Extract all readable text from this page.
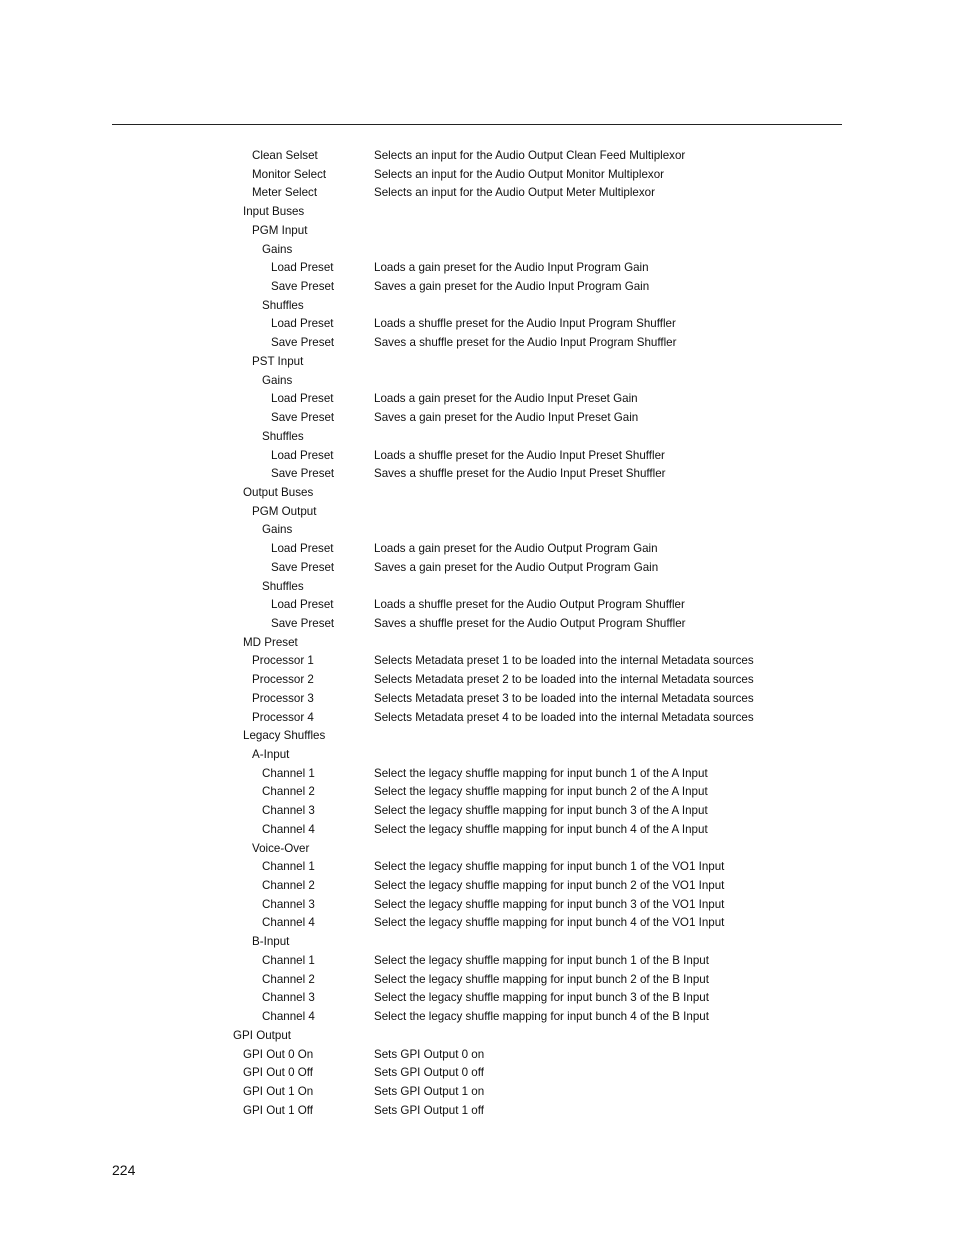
Clean Selset	Selects an input for the Audio Output Clean Feed Multiplexor
Monitor Select	Selects an input for the Audio Output Monitor Multiplexor
Meter Select	Selects an input for the Audio Output Meter Multiplexor
Input Buses
PGM Input
Gains
Load Preset	Loads a gain preset for the Audio Input Program Gain
Save Preset	Saves a gain preset for the Audio Input Program Gain
Shuffles
Load Preset	Loads a shuffle preset for the Audio Input Program Shuffler
Save Preset	Saves a shuffle preset for the Audio Input Program Shuffler
PST Input
Gains
Load Preset	Loads a gain preset for the Audio Input Preset Gain
Save Preset	Saves a gain preset for the Audio Input Preset Gain
Shuffles
Load Preset	Loads a shuffle preset for the Audio Input Preset Shuffler
Save Preset	Saves a shuffle preset for the Audio Input Preset Shuffler
Output Buses
PGM Output
Gains
Load Preset	Loads a gain preset for the Audio Output Program Gain
Save Preset	Saves a gain preset for the Audio Output Program Gain
Shuffles
Load Preset	Loads a shuffle preset for the Audio Output Program Shuffler
Save Preset	Saves a shuffle preset for the Audio Output Program Shuffler
MD Preset
Processor 1	Selects Metadata preset 1 to be loaded into the internal Metadata sources
Processor 2	Selects Metadata preset 2 to be loaded into the internal Metadata sources
Processor 3	Selects Metadata preset 3 to be loaded into the internal Metadata sources
Processor 4	Selects Metadata preset 4 to be loaded into the internal Metadata sources
Legacy Shuffles
A-Input
Channel 1	Select the legacy shuffle mapping for input bunch 1 of the A Input
Channel 2	Select the legacy shuffle mapping for input bunch 2 of the A Input
Channel 3	Select the legacy shuffle mapping for input bunch 3 of the A Input
Channel 4	Select the legacy shuffle mapping for input bunch 4 of the A Input
Voice-Over
Channel 1	Select the legacy shuffle mapping for input bunch 1 of the VO1 Input
Channel 2	Select the legacy shuffle mapping for input bunch 2 of the VO1 Input
Channel 3	Select the legacy shuffle mapping for input bunch 3 of the VO1 Input
Channel 4	Select the legacy shuffle mapping for input bunch 4 of the VO1 Input
B-Input
Channel 1	Select the legacy shuffle mapping for input bunch 1 of the B Input
Channel 2	Select the legacy shuffle mapping for input bunch 2 of the B Input
Channel 3	Select the legacy shuffle mapping for input bunch 3 of the B Input
Channel 4	Select the legacy shuffle mapping for input bunch 4 of the B Input
GPI Output
GPI Out 0 On	Sets GPI Output 0 on
GPI Out 0 Off	Sets GPI Output 0 off
GPI Out 1 On	Sets GPI Output 1 on
GPI Out 1 Off	Sets GPI Output 1 off
224
